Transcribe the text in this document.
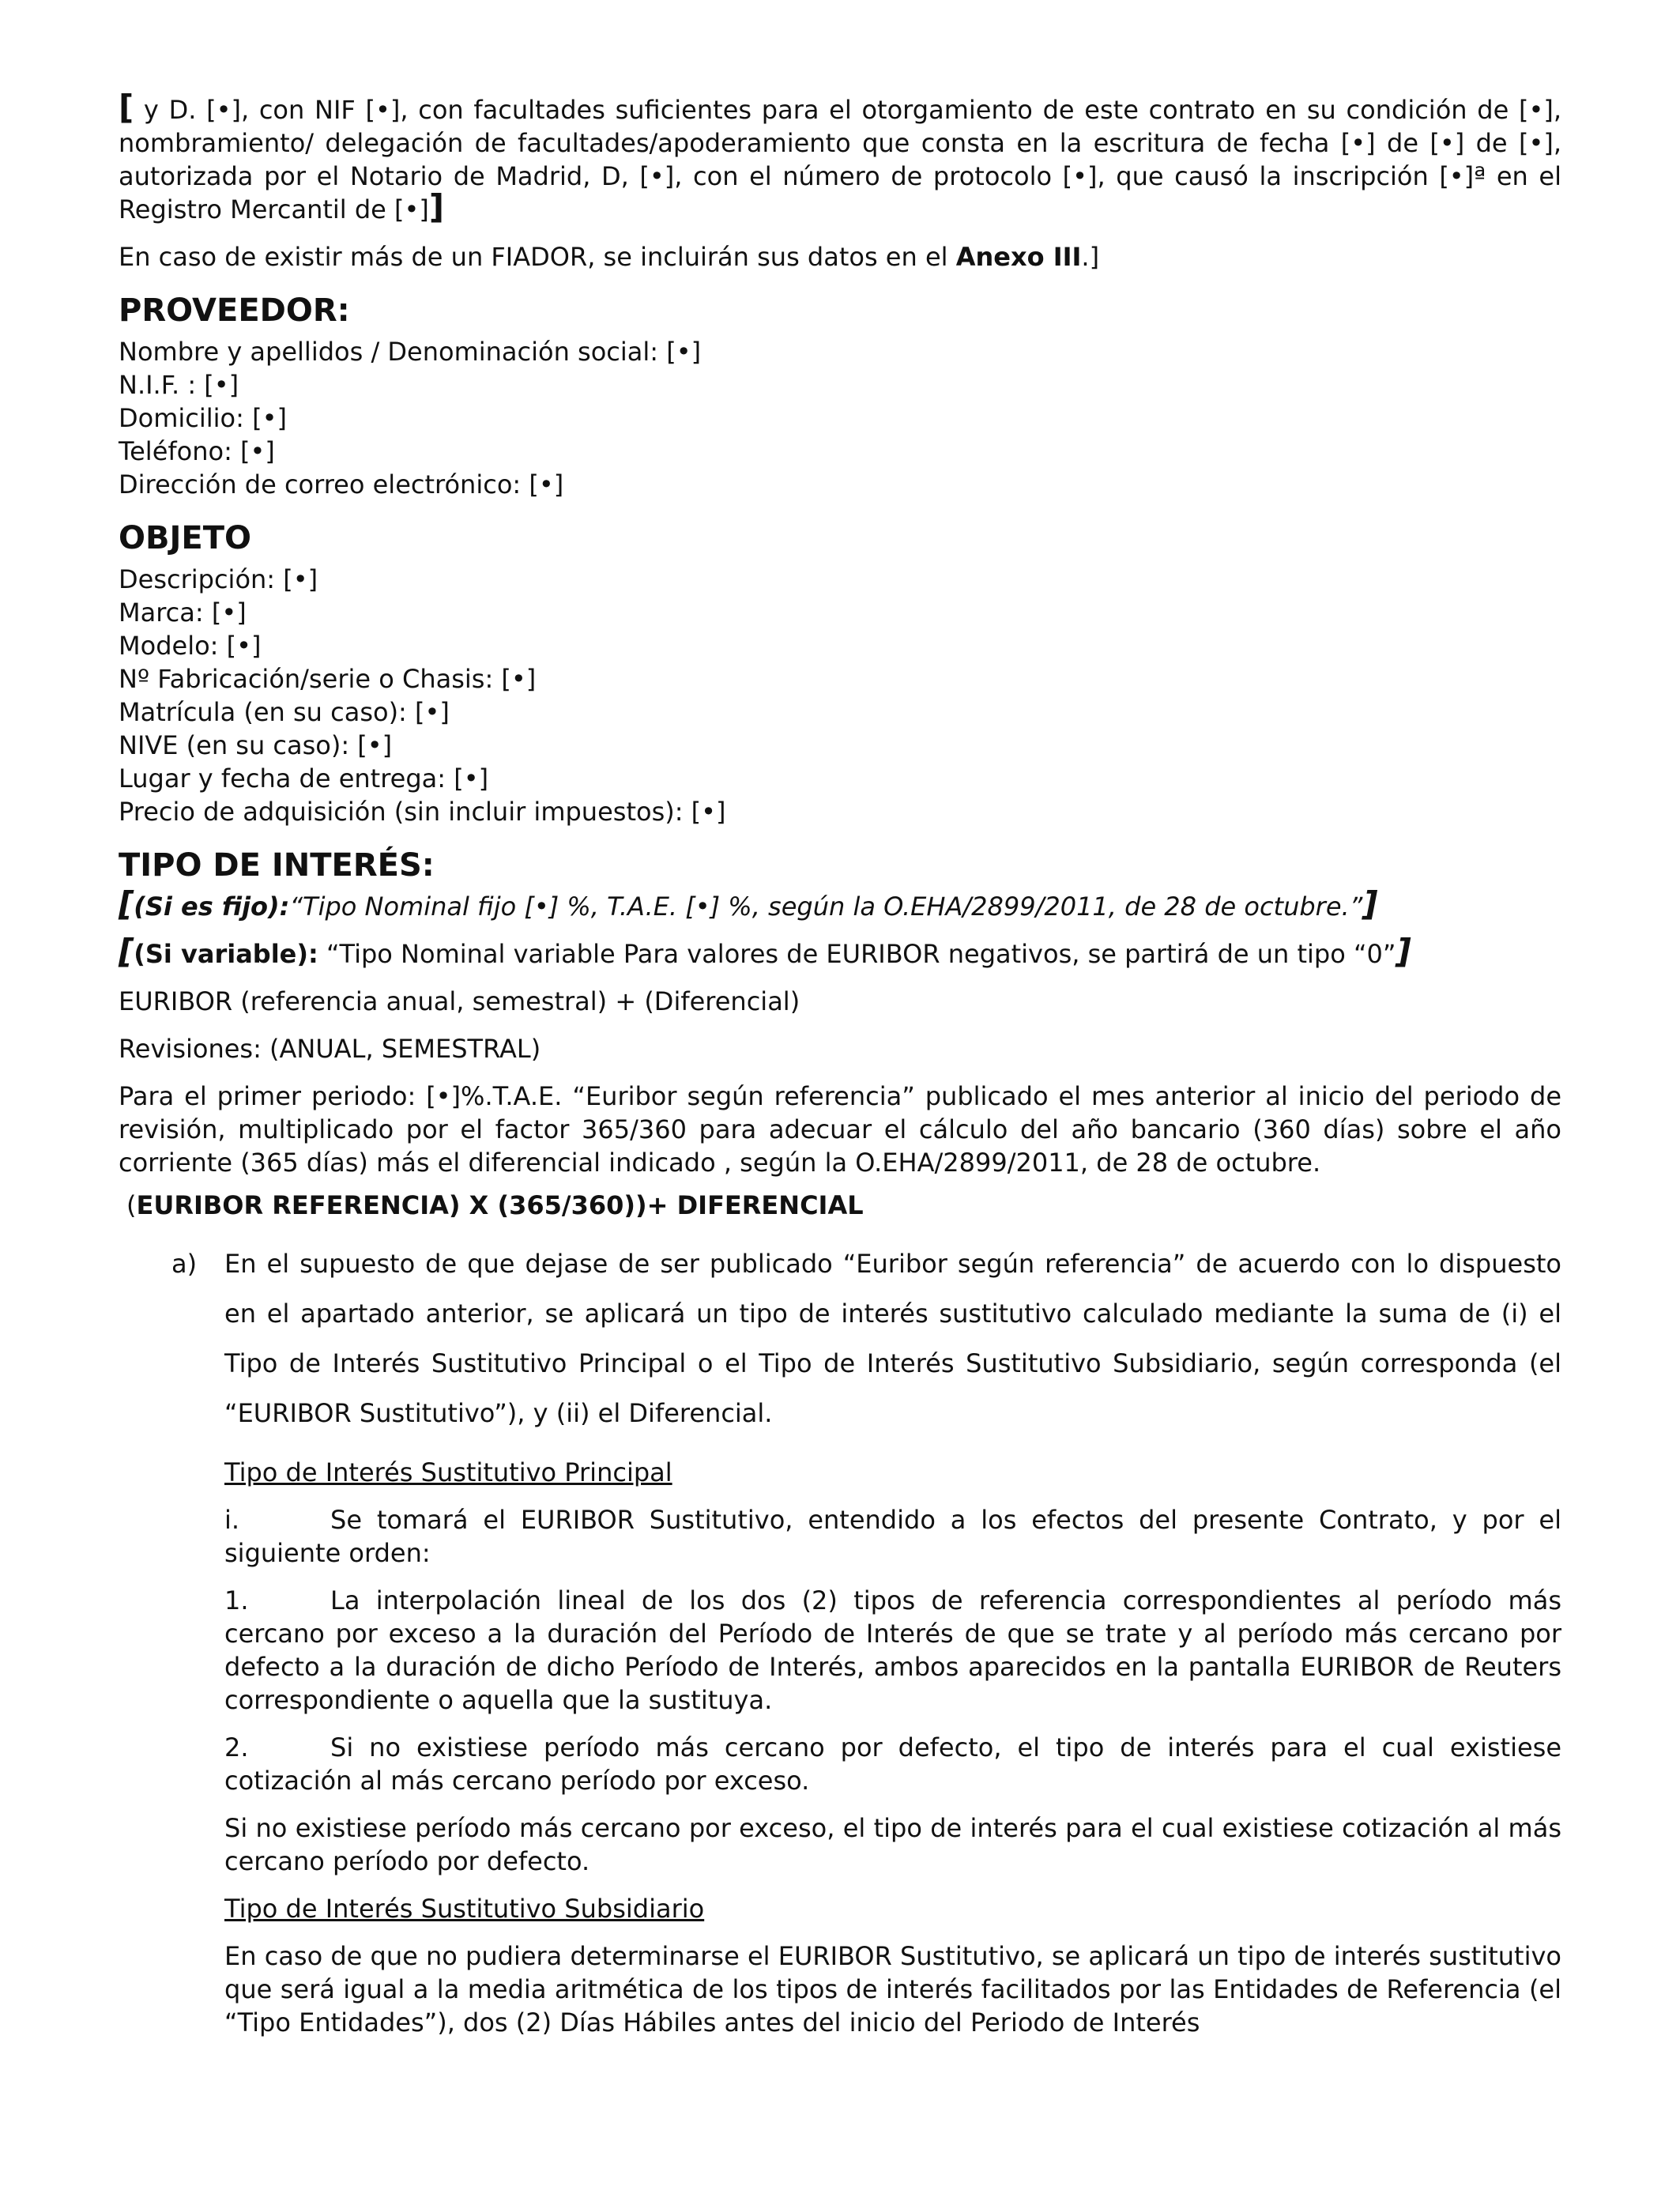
[ y D. [•], con NIF [•], con facultades suficientes para el otorgamiento de este contrato en su condición de [•], nombramiento/ delegación de facultades/apoderamiento que consta en la escritura de fecha [•] de [•] de [•], autorizada por el Notario de Madrid, D, [•], con el número de protocolo [•], que causó la inscripción [•]ª en el Registro Mercantil de [•]]

En caso de existir más de un FIADOR, se incluirán sus datos en el Anexo III.]

PROVEEDOR:

Nombre y apellidos / Denominación social: [•]

N.I.F. : [•]

Domicilio: [•]

Teléfono: [•]

Dirección de correo electrónico: [•]

OBJETO

Descripción: [•]

Marca: [•]

Modelo: [•]

Nº Fabricación/serie o Chasis: [•]

Matrícula (en su caso): [•]

NIVE (en su caso): [•]

Lugar y fecha de entrega: [•]

Precio de adquisición (sin incluir impuestos): [•]

TIPO DE INTERÉS:

[(Si es fijo):“Tipo Nominal fijo [•] %, T.A.E. [•] %, según la O.EHA/2899/2011, de 28 de octubre.”]

[(Si variable): “Tipo Nominal variable Para valores de EURIBOR negativos, se partirá de un tipo “0”]

EURIBOR (referencia anual, semestral) + (Diferencial)

Revisiones: (ANUAL, SEMESTRAL)

Para el primer periodo: [•]%.T.A.E. “Euribor según referencia” publicado el mes anterior al inicio del periodo de revisión, multiplicado por el factor 365/360 para adecuar el cálculo del año bancario (360 días) sobre el año corriente (365 días) más el diferencial indicado , según la O.EHA/2899/2011, de 28 de octubre.

(EURIBOR REFERENCIA) X (365/360))+ DIFERENCIAL

a) En el supuesto de que dejase de ser publicado “Euribor según referencia” de acuerdo con lo dispuesto en el apartado anterior, se aplicará un tipo de interés sustitutivo calculado mediante la suma de (i) el Tipo de Interés Sustitutivo Principal o el Tipo de Interés Sustitutivo Subsidiario, según corresponda (el “EURIBOR Sustitutivo”), y (ii) el Diferencial.

Tipo de Interés Sustitutivo Principal

i.	Se tomará el EURIBOR Sustitutivo, entendido a los efectos del presente Contrato, y por el siguiente orden:

1.	La interpolación lineal de los dos (2) tipos de referencia correspondientes al período más cercano por exceso a la duración del Período de Interés de que se trate y al período más cercano por defecto a la duración de dicho Período de Interés, ambos aparecidos en la pantalla EURIBOR de Reuters correspondiente o aquella que la sustituya.

2.	Si no existiese período más cercano por defecto, el tipo de interés para el cual existiese cotización al más cercano período por exceso.

Si no existiese período más cercano por exceso, el tipo de interés para el cual existiese cotización al más cercano período por defecto.

Tipo de Interés Sustitutivo Subsidiario

En caso de que no pudiera determinarse el EURIBOR Sustitutivo, se aplicará un tipo de interés sustitutivo que será igual a la media aritmética de los tipos de interés facilitados por las Entidades de Referencia (el “Tipo Entidades”), dos (2) Días Hábiles antes del inicio del Periodo de Interés
